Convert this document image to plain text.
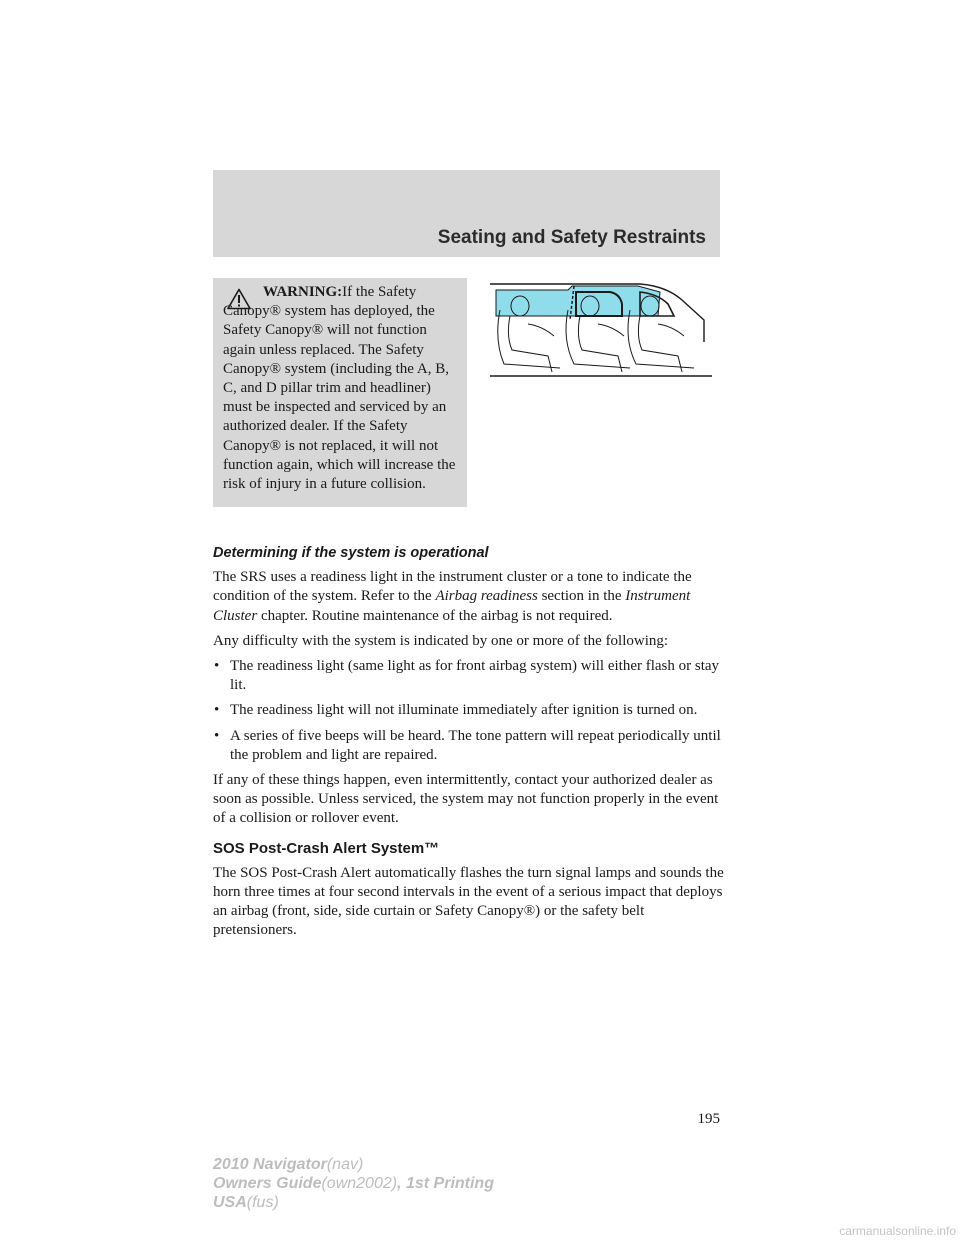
Seating and Safety Restraints
WARNING:If the Safety Canopy® system has deployed, the Safety Canopy® will not function again unless replaced. The Safety Canopy® system (including the A, B, C, and D pillar trim and headliner) must be inspected and serviced by an authorized dealer. If the Safety Canopy® is not replaced, it will not function again, which will increase the risk of injury in a future collision.
Determining if the system is operational

The SRS uses a readiness light in the instrument cluster or a tone to indicate the condition of the system. Refer to the Airbag readiness section in the Instrument Cluster chapter. Routine maintenance of the airbag is not required.

Any difficulty with the system is indicated by one or more of the following:

• The readiness light (same light as for front airbag system) will either flash or stay lit.
• The readiness light will not illuminate immediately after ignition is turned on.
• A series of five beeps will be heard. The tone pattern will repeat periodically until the problem and light are repaired.

If any of these things happen, even intermittently, contact your authorized dealer as soon as possible. Unless serviced, the system may not function properly in the event of a collision or rollover event.

SOS Post-Crash Alert System™

The SOS Post-Crash Alert automatically flashes the turn signal lamps and sounds the horn three times at four second intervals in the event of a serious impact that deploys an airbag (front, side, side curtain or Safety Canopy®) or the safety belt pretensioners.

195
2010 Navigator(nav)
Owners Guide(own2002), 1st Printing
USA(fus)
carmanualsonline.info
